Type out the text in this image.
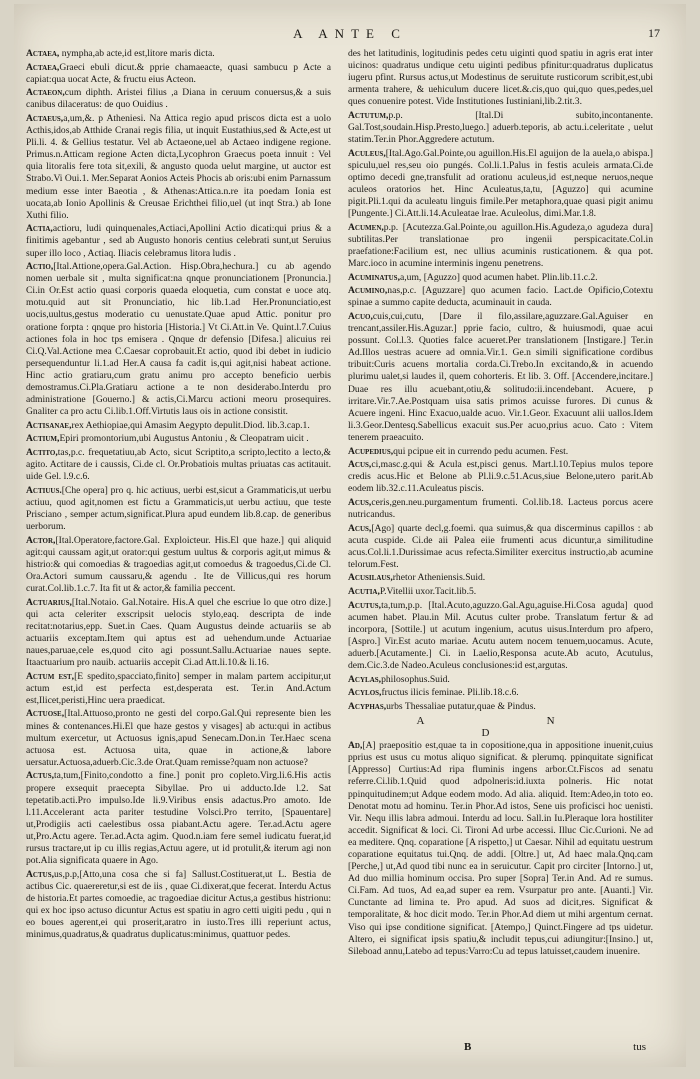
A ANTE C	17

Actaea, nympha,ab acte,id est,litore maris dicta.

Actaea,Graeci ebuli dicut.& pprie chamaeacte, quasi sambucu p Acte a capiat:qua uocat Acte, & fructu eius Acteon.

Actaeon,cum diphth. Aristei filius ,a Diana in ceruum conuersus,& a suis canibus dilaceratus: de quo Ouidius .

Actaeus,a,um,&. p Atheniesi. Na Attica regio apud priscos dicta est a uolo Acthis,idos,ab Atthide Cranai regis filia, ut inquit Eustathius,sed & Acte,est ut Pli.li. 4. & Gellius testatur. Vel ab Actaeone,uel ab Actaeo indigene regione. Primus.n.Atticam regione Acten dicta,Lycophron Graecus poeta innuit : Vel quia litoralis fere tota sit,exili, & angusto quoda uelut margine, ut auctor est Strabo.Vi Oui.1. Mer.Separat Aonios Acteis Phocis ab oris:ubi enim Parnassum medium esse inter Baeotia , & Athenas:Attica.n.re ita poedam Ionia est uocata,ab Ionio Apollinis & Creusae Erichthei filio,uel (ut inqt Stra.) ab Ione Xuthi filio.

Actia,actioru, ludi quinquenales,Actiaci,Apollini Actio dicati:qui prius & a finitimis agebantur , sed ab Augusto honoris centius celebrati sunt,ut Seruius super illo loco , Actiaq. Iliacis celebramus litora ludis .

Actio,[Ital.Attione,opera.Gal.Action. Hisp.Obra,hechura.] cu ab agendo nomen uerbale sit , multa significat:na qnque pronunciationem [Pronuncia.] Ci.in Or.Est actio quasi corporis quaeda eloquetia, cum constat e uoce atq. motu.quid aut sit Pronunciatio, hic lib.1.ad Her.Pronunciatio,est uocis,uultus,gestus moderatio cu uenustate.Quae apud Attic. ponitur pro oratione forpta : qnque pro historia [Historia.] Vt Ci.Att.in Ve. Quint.l.7.Cuius actiones fola in hoc tps emisera . Qnque dr defensio [Difesa.] alicuius rei Ci.Q.Val.Actione mea C.Caesar coprobauit.Et actio, quod ibi debet in iudicio persequenduntur li.1.ad Her.A causa fa cadit is,qui agit,nisi habeat actione. Hinc actio gratiaru,cum gratu animu pro accepto beneficio uerbis demostramus.Ci.Pla.Gratiaru actione a te non desiderabo.Interdu pro administratione [Gouerno.] & actis,Ci.Marcu actioni meoru prosequires. Gnaliter ca pro actu Ci.lib.1.Off.Virtutis laus ois in actione consistit.

Actisanae,rex Aethiopiae,qui Amasim Aegypto depulit.Diod. lib.3.cap.1.

Actium,Epiri promontorium,ubi Augustus Antoniu , & Cleopatram uicit .

Actito,tas,p.c. frequetatiuu,ab Acto, sicut Scriptito,a scripto,lectito a lecto,& agito. Actitare de i caussis, Ci.de cl. Or.Probatiois multas priuatas cas actitauit. uide Gel. l.9.c.6.

Actiuus.[Che opera] pro q. hic actiuus, uerbi est,sicut a Grammaticis,ut uerbu actiuu, quod agit,nomen est fictu a Grammaticis,ut uerbu actiuu, que teste Prisciano , semper actum,significat.Plura apud eundem lib.8.cap. de generibus uerborum.

Actor,[Ital.Operatore,factore.Gal. Exploicteur. His.El que haze.] qui aliquid agit:qui caussam agit,ut orator:qui gestum uultus & corporis agit,ut mimus & histrio:& qui comoedias & tragoedias agit,ut comoedus & tragoedus,Ci.de Cl. Ora.Actori sumum caussaru,& agendu . Ite de Villicus,qui res horum curat.Col.lib.1.c.7. Ita fit ut & actor,& familia peccent.

Actuarius,[Ital.Notaio. Gal.Notaire. His.A quel che escriue lo que otro dize.] qui acta celeriter exscripsit uelocis stylo,eaq. descripta de inde recitat:notarius,epp. Suet.in Caes. Quam Augustus deinde actuariis se ab actuariis exceptam.Item qui aptus est ad uehendum.unde Actuariae naues,paruae,cele es,quod cito agi possunt.Sallu.Actuariae naues septe. Itaactuarium pro nauib. actuariis accepit Ci.ad Att.li.10.& li.16.

Actum est,[E spedito,spacciato,finito] semper in malam partem accipitur,ut actum est,id est perfecta est,desperata est. Ter.in And.Actum est,Ilicet,peristi,Hinc uera praedicat.

Actuose,[Ital.Attuoso,pronto ne gesti del corpo.Gal.Qui represente bien les mines & contenances.Hi.El que haze gestos y visages] ab actu:qui in actibus multum exercetur, ut Actuosus ignis,apud Senecam.Don.in Ter.Haec scena actuosa est. Actuosa uita, quae in actione,& labore uersatur.Actuosa,aduerb.Cic.3.de Orat.Quam remisse?quam non actuose?

Actus,ta,tum,[Finito,condotto a fine.] ponit pro copleto.Virg.li.6.His actis propere exsequit praecepta Sibyllae. Pro ui adducto.Ide l.2. Sat tepetatib.acti.Pro impulso.Ide li.9.Viribus ensis adactus.Pro amoto. Ide l.11.Accelerant acta pariter testudine Volsci.Pro territo, [Spauentare] ut,Prodigiis acti caelestibus ossa piabant.Actu agere. Ter.ad.Actu agere ut,Pro.Actu agere. Ter.ad.Acta agim. Quod.n.iam fere semel iudicatu fuerat,id rursus tractare,ut ip cu illis regias,Actuu agere, ut id protulit,& iterum agi non pot.Alia significata quaere in Ago.

Actus,us,p.p,[Atto,una cosa che si fa] Sallust.Costituerat,ut L. Bestia de actibus Cic. quaereretur,si est de iis , quae Ci.dixerat,que fecerat. Interdu Actus de historia.Et partes comoedie, ac tragoediae dicitur Actus,a gestibus histrionu: qui ex hoc ipso actuso dicuntur Actus est spatiu in agro cetti uigiti pedu , qui n eo boues agerent,ei qui proserit,aratro in iusto.Tres illi reperiunt actus, minimus,quadratus,& quadratus duplicatus:minimus, quattuor pedes.

des het latitudinis, logitudinis pedes cetu uiginti quod spatiu in agris erat inter uicinos: quadratus undique cetu uiginti pedibus pfinitur:quadratus duplicatus iugeru pfint. Rursus actus,ut Modestinus de seruitute rusticorum scribit,est,ubi armenta trahere, & uehiculum ducere licet.&.cis,quo qui,quo ques,pedes,uel ques conuenire potest. Vide Institutiones Iustiniani,lib.2.tit.3.

Actutum,p.p. [Ital.Di subito,incontanente. Gal.Tost,soudain.Hisp.Presto,luego.] aduerb.teporis, ab actu.i.celeritate , uelut statim.Ter.in Phor.Aggredere actutum.

Aculeus,[Ital.Ago.Gal.Pointe,ou aguillon.His.El aguijon de la auela,o abispa.] spiculu,uel res,seu oio pungés. Col.li.1.Palus in festis aculeis armata.Ci.de optimo decedi gne,transfulit ad orationu aculeus,id est,neque neruos,neque aculeos oratorios het. Hinc Aculeatus,ta,tu, [Aguzzo] qui acumine pigit.Pli.1.qui da aculeatu linguis fimile.Per metaphora,quae quasi pigit animu [Pungente.] Ci.Att.li.14.Aculeatae lrae. Aculeolus, dimi.Mar.1.8.

Acumen,p.p. [Acutezza.Gal.Pointe,ou aguillon.His.Agudeza,o agudeza dura] subtilitas.Per translationae pro ingenii perspicacitate.Col.in praefatione:Facilium est, nec ullius acuminis rusticationem. & qua pot. Marc.ioco in acumine interminis ingenu penetrens.

Acuminatus,a,um, [Aguzzo] quod acumen habet. Plin.lib.11.c.2.

Acumino,nas,p.c. [Aguzzare] quo acumen facio. Lact.de Opificio,Cotextu spinae a summo capite deducta, acuminauit in cauda.

Acuo,cuis,cui,cutu, [Dare il filo,assilare,aguzzare.Gal.Aguiser en trencant,assiler.His.Aguzar.] pprie facio, cultro, & huiusmodi, quae acui possunt. Col.l.3. Quoties falce acueret.Per translationem [Instigare.] Ter.in Ad.Illos uestras acuere ad omnia.Vir.1. Ge.n simili significatione cordibus tribuit:Curis acuens mortalia corda.Ci.Trebo.In excitando,& in acuendo plurimu ualet,si laudes il, quem cohorteris. Et lib. 3. Off. [Accendere,incitare.] Duae res illu acuebant,otiu,& solitudo:ii.incendebant. Acuere, p irritare.Vir.7.Ae.Postquam uisa satis primos acuisse furores. Di cunus & Acuere ingeni. Hinc Exacuo,ualde acuo. Vir.1.Geor. Exacuunt alii uallos.Idem li.3.Geor.Dentesq.Sabellicus exacuit sus.Per acuo,prius acuo. Cato : Vitem tenerem praeacuito.

Acupedius,qui pcipue eit in currendo pedu acumen. Fest.

Acus,ci,masc.g.qui & Acula est,pisci genus. Mart.l.10.Tepius mulos tepore credis acus.Hic et Belone ab Pl.li.9.c.51.Acus,siue Belone,utero parit.Ab eodem lib.32.c.11.Aculeatus piscis.

Acus,ceris,gen.neu.purgamentum frumenti. Col.lib.18. Lacteus porcus acere nutricandus.

Acus,[Ago] quarte decl,g.foemi. qua suimus,& qua discerminus capillos : ab acuta cuspide. Ci.de aii Palea eiie frumenti acus dicuntur,a similitudine acus.Col.li.1.Durissimae acus refecta.Similiter exercitus instructio,ab acumine telorum.Fest.

Acusilaus,rhetor Atheniensis.Suid.

Acutia,P.Vitellii uxor.Tacit.lib.5.

Acutus,ta,tum,p.p. [Ital.Acuto,aguzzo.Gal.Agu,aguise.Hi.Cosa aguda] quod acumen habet. Plau.in Mil. Acutus culter probe. Translatum fertur & ad incorpora, [Sottile.] ut acutum ingenium, acutus uisus.Interdum pro afpero,[Aspro.] Vir.Est acuto mariae. Acutu autem nocem tenuem,uocamus. Acute, aduerb.[Acutamente.] Ci. in Laelio,Responsa acute.Ab acuto, Acutulus, dem.Cic.3.de Nadeo.Aculeus conclusiones:id est,argutas.

Acylas,philosophus.Suid.

Acylos,fructus ilicis feminae. Pli.lib.18.c.6.

Acyphas,urbs Thessaliae putatur,quae & Pindus.

A N D

Ad,[A] praepositio est,quae ta in copositione,qua in appositione inuenit,cuius pprius est usus cu motus aliquo significat. & plerumq. ppinquitate significat [Appresso] Curtius:Ad ripa fluminis ingens arbor.Ct.Fiscos ad senatu referre.Ci.lib.1.Quid quod adpolneris:id.iuxta polneris. Hic notat ppinquitudinem;ut Adque eodem modo. Ad alia. aliquid. Item:Adeo,in toto eo. Denotat motu ad hominu. Ter.in Phor.Ad istos, Sene uis proficisci hoc uenisti. Vir. Nequ illis labra admoui. Interdu ad locu. Sall.in Iu.Pleraque lora hostiliter accedit. Significat & loci. Ci. Tironi Ad urbe accessi. Illuc Cic.Curioni. Ne ad ea meditere. Qnq. coparatione [A rispetto,] ut Caesar. Nihil ad equitatu uestrum coparatione equitatus tui.Qnq. de addi. [Oltre.] ut, Ad haec mala.Qnq.cam [Perche,] ut,Ad quod tibi nunc ea in seruicutur. Capit pro circiter [Intorno.] ut, Ad duo millia hominum occisa. Pro super [Sopra] Ter.in And. Ad re sumus. Ci.Fam. Ad tuos, Ad ea,ad super ea rem. Vsurpatur pro ante. [Auanti.] Vir. Cunctante ad limina te. Pro apud. Ad suos ad dicit,res. Significat & temporalitate, & hoc dicit modo. Ter.in Phor.Ad diem ut mihi argentum cernat. Viso qui ipse conditione significat. [Atempo,] Quinct.Fingere ad tps uidetur. Altero, ei significat ipsis spatiu,& includit tepus,cui adiungitur:[Insino.] ut, Sileboad annu,Latebo ad tepus:Varro:Cu ad tepus latuisset,caudem inuenire.

B	tus
